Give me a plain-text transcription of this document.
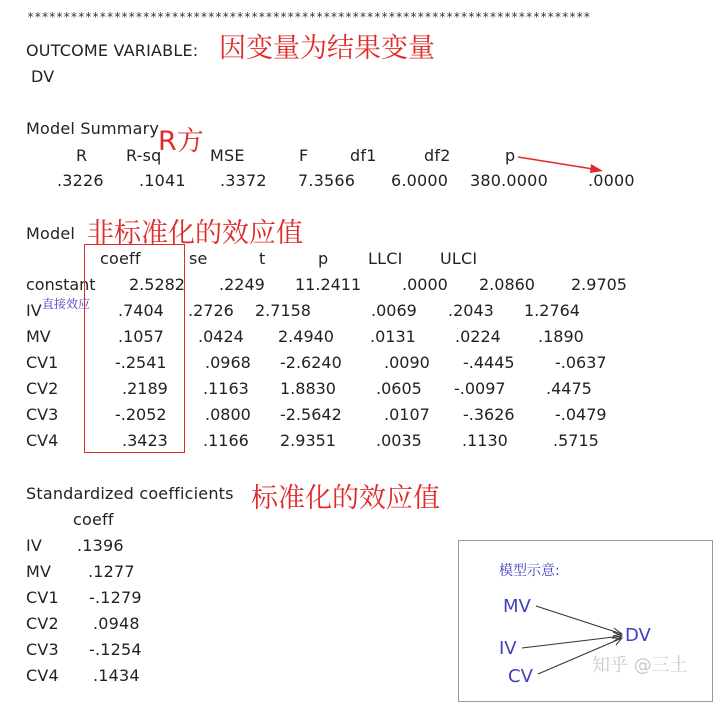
******************************************************************************
OUTCOME VARIABLE: 因变量为结果变量
DV
Model Summary
R方
R R-sq	MSE	F	df1	df2	p
.3226 .1041 .3372 7.3566 6.0000 380.0000	.0000
Model 非标准化的效应值
coeff	se	t	p LLCI ULCI
constant 2.5282 .2249 11.2411	.0000 2.0860 2.9705
IV	.7404 .2726 2.7158	.0069 .2043 1.2764
直接效应
MV	.1057 .0424 2.4940 .0131 .0224 .1890
CV1	-.2541 .0968 -2.6240	.0090 -.4445	-.0637
CV2	.2189 .1163 1.8830	.0605 -.0097	.4475
CV3	-.2052 .0800 -2.5642	.0107 -.3626	-.0479
CV4	.3423 .1166 2.9351	.0035	.1130	.5715
Standardized coefficients 标准化的效应值
coeff
IV .1396
MV .1277
CV1 -.1279
CV2 .0948
CV3 -.1254
CV4 .1434
模型示意:
MV
IV
CV
DV
知乎 @三土
